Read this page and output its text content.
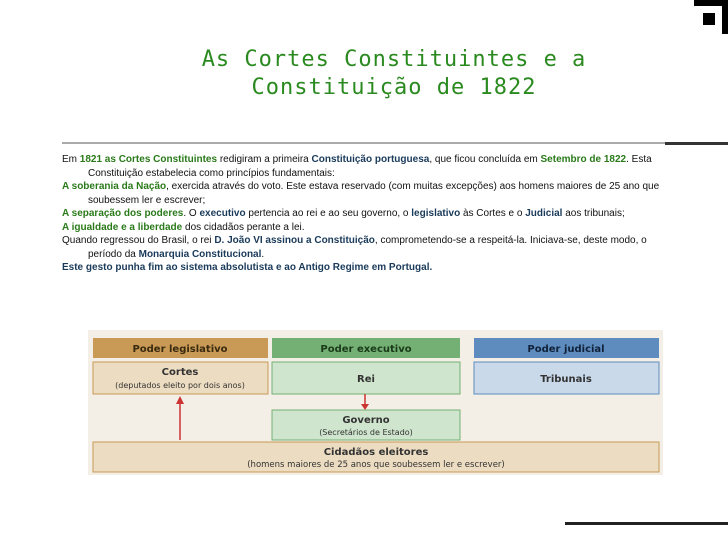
As Cortes Constituintes e a
Constituição de 1822

Em 1821 as Cortes Constituintes redigiram a primeira Constituição portuguesa, que ficou concluída em Setembro de 1822. Esta Constituição estabelecia como princípios fundamentais:

A soberania da Nação, exercida através do voto. Este estava reservado (com muitas excepções) aos homens maiores de 25 ano que soubessem ler e escrever;

A separação dos poderes. O executivo pertencia ao rei e ao seu governo, o legislativo às Cortes e o Judicial aos tribunais;

A igualdade e a liberdade dos cidadãos perante a lei.

Quando regressou do Brasil, o rei D. João VI assinou a Constituição, comprometendo-se a respeitá-la. Iniciava-se, deste modo, o período da Monarquia Constitucional.

Este gesto punha fim ao sistema absolutista e ao Antigo Regime em Portugal.

Poder legislativo	Poder executivo	Poder judicial
Cortes
(deputados eleito por dois anos)
Rei	Tribunais
Governo
(Secretários de Estado)
Cidadãos eleitores
(homens maiores de 25 anos que soubessem ler e escrever)
